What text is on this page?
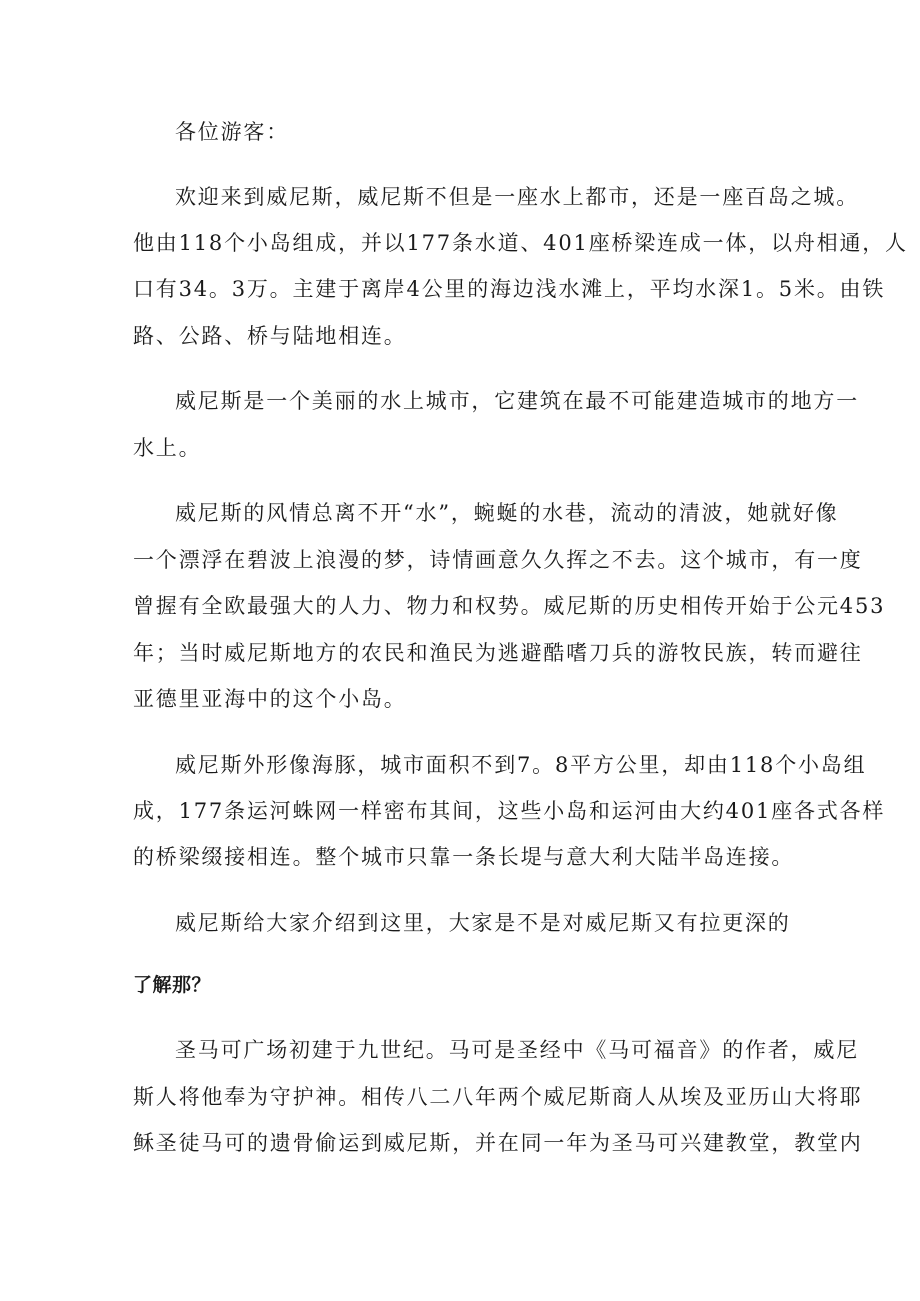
各位游客：

欢迎来到威尼斯，威尼斯不但是一座水上都市，还是一座百岛之城。

他由118个小岛组成，并以177条水道、401座桥梁连成一体，以舟相通，人

口有34。3万。主建于离岸4公里的海边浅水滩上，平均水深1。5米。由铁

路、公路、桥与陆地相连。

威尼斯是一个美丽的水上城市，它建筑在最不可能建造城市的地方一

水上。

威尼斯的风情总离不开“水”，蜿蜒的水巷，流动的清波，她就好像

一个漂浮在碧波上浪漫的梦，诗情画意久久挥之不去。这个城市，有一度

曾握有全欧最强大的人力、物力和权势。威尼斯的历史相传开始于公元453

年；当时威尼斯地方的农民和渔民为逃避酷嗜刀兵的游牧民族，转而避往

亚德里亚海中的这个小岛。

威尼斯外形像海豚，城市面积不到7。8平方公里，却由118个小岛组

成，177条运河蛛网一样密布其间，这些小岛和运河由大约401座各式各样

的桥梁缀接相连。整个城市只靠一条长堤与意大利大陆半岛连接。

威尼斯给大家介绍到这里，大家是不是对威尼斯又有拉更深的

了解那？

圣马可广场初建于九世纪。马可是圣经中《马可福音》的作者，威尼

斯人将他奉为守护神。相传八二八年两个威尼斯商人从埃及亚历山大将耶

稣圣徒马可的遗骨偷运到威尼斯，并在同一年为圣马可兴建教堂，教堂内
